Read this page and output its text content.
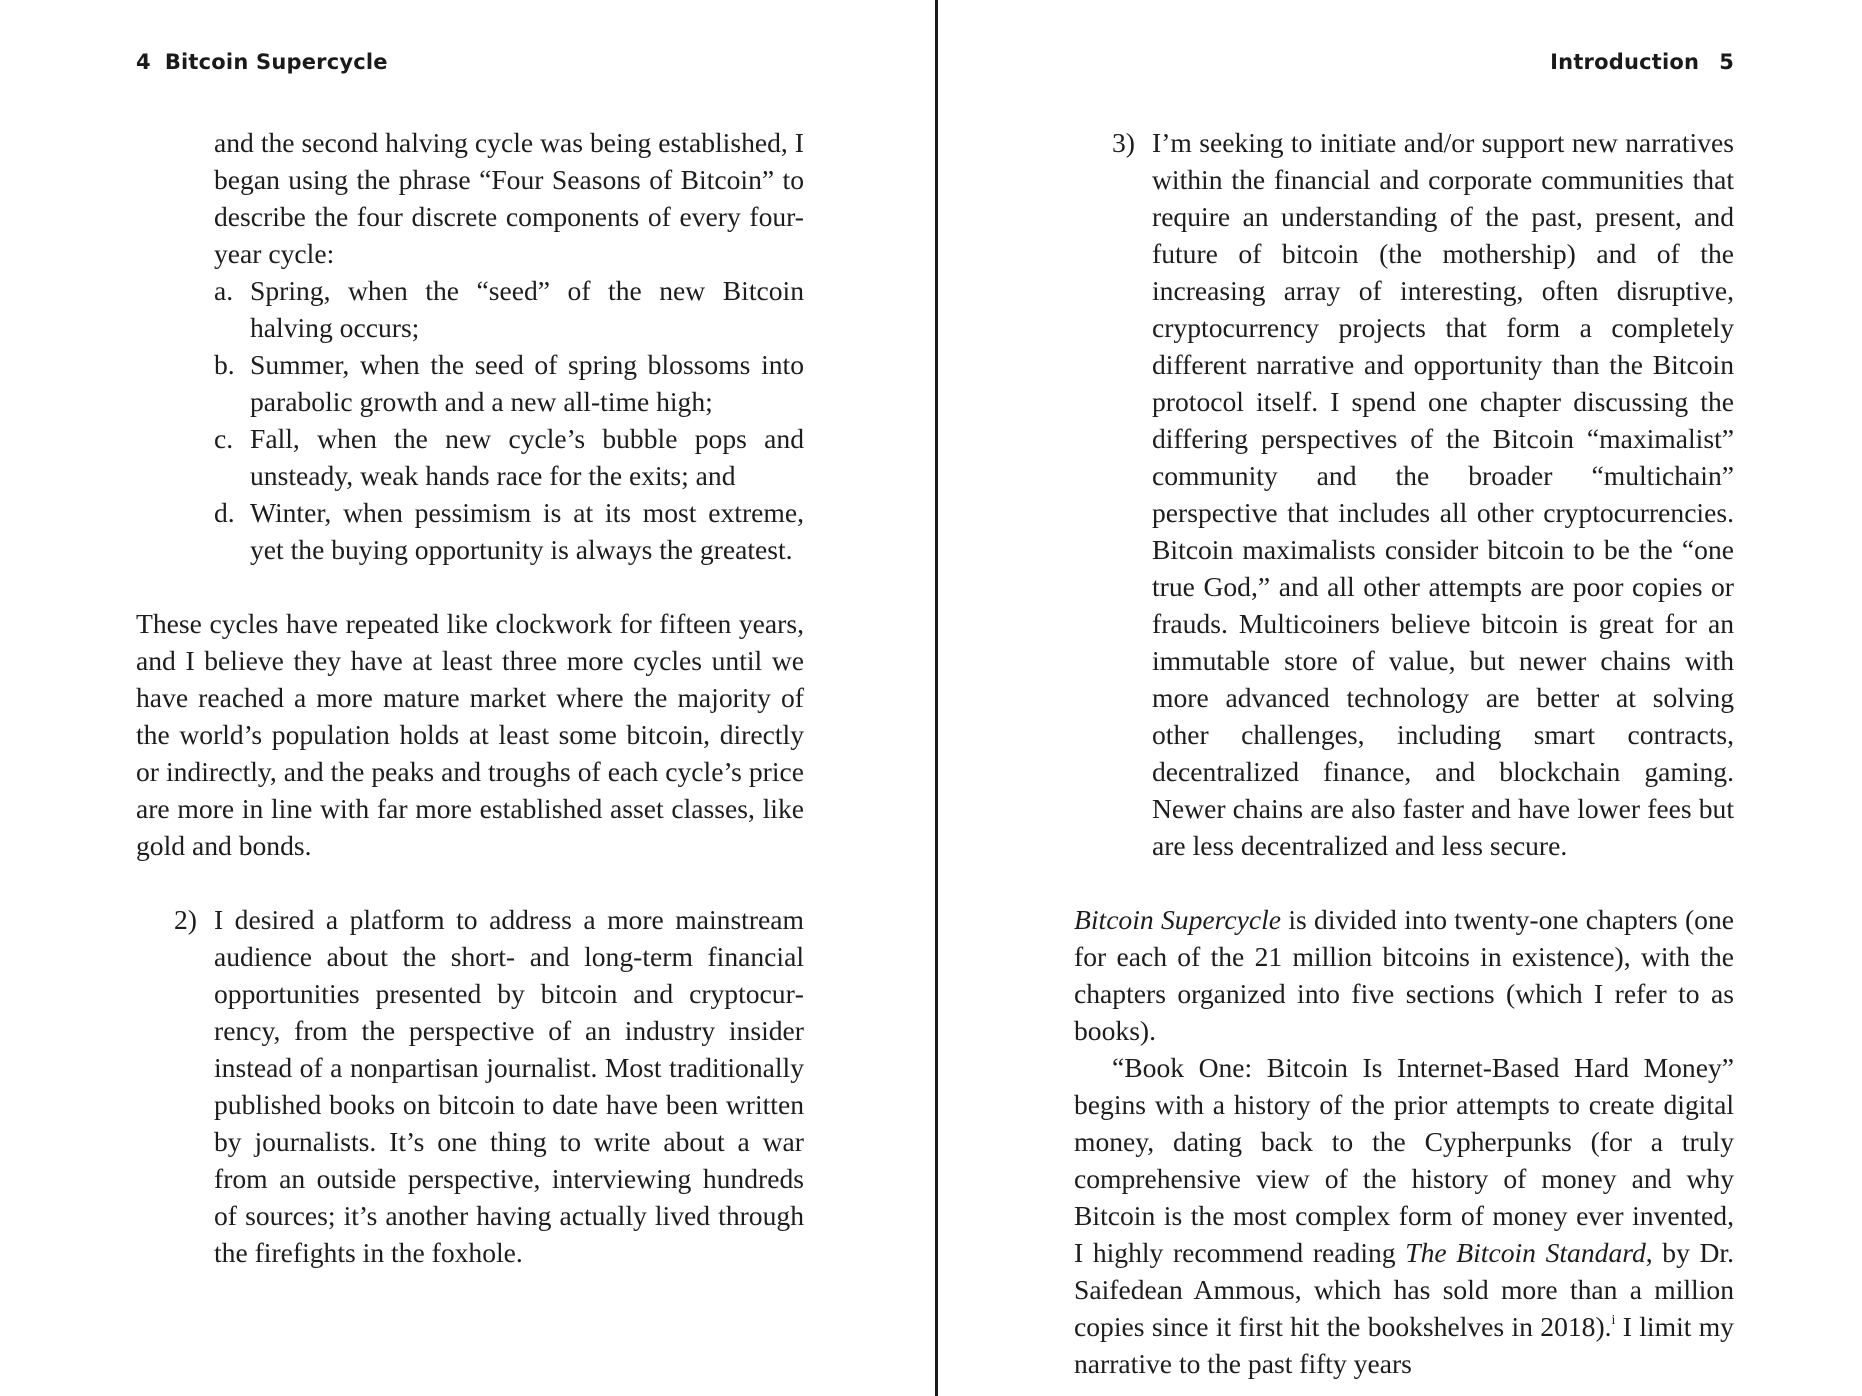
4 Bitcoin Supercycle

and the second halving cycle was being established, I began using the phrase “Four Seasons of Bitcoin” to describe the four discrete components of every four-year cycle:

a. Spring, when the “seed” of the new Bitcoin halving occurs;
b. Summer, when the seed of spring blossoms into parabolic growth and a new all-time high;
c. Fall, when the new cycle’s bubble pops and unsteady, weak hands race for the exits; and
d. Winter, when pessimism is at its most extreme, yet the buying opportunity is always the greatest.

These cycles have repeated like clockwork for fifteen years, and I believe they have at least three more cycles until we have reached a more mature market where the majority of the world’s population holds at least some bitcoin, directly or indirectly, and the peaks and troughs of each cycle’s price are more in line with far more established asset classes, like gold and bonds.

2) I desired a platform to address a more mainstream audience about the short- and long-term financial opportunities presented by bitcoin and cryptocurrency, from the perspective of an industry insider instead of a nonpartisan journalist. Most traditionally published books on bitcoin to date have been written by journalists. It’s one thing to write about a war from an outside perspective, interviewing hundreds of sources; it’s another having actually lived through the firefights in the foxhole.

Introduction 5

3) I’m seeking to initiate and/or support new narratives within the financial and corporate communities that require an understanding of the past, present, and future of bitcoin (the mothership) and of the increasing array of interesting, often disruptive, cryptocurrency projects that form a completely different narrative and opportunity than the Bitcoin protocol itself. I spend one chapter discussing the differing perspectives of the Bitcoin “maximalist” community and the broader “multichain” perspective that includes all other cryptocurrencies. Bitcoin maximalists consider bitcoin to be the “one true God,” and all other attempts are poor copies or frauds. Multicoiners believe bitcoin is great for an immutable store of value, but newer chains with more advanced technology are better at solving other challenges, including smart contracts, decentralized finance, and blockchain gaming. Newer chains are also faster and have lower fees but are less decentralized and less secure.

Bitcoin Supercycle is divided into twenty-one chapters (one for each of the 21 million bitcoins in existence), with the chapters organized into five sections (which I refer to as books).

“Book One: Bitcoin Is Internet-Based Hard Money” begins with a history of the prior attempts to create digital money, dating back to the Cypherpunks (for a truly comprehensive view of the history of money and why Bitcoin is the most complex form of money ever invented, I highly recommend reading The Bitcoin Standard, by Dr. Saifedean Ammous, which has sold more than a million copies since it first hit the bookshelves in 2018).$^i$ I limit my narrative to the past fifty years
